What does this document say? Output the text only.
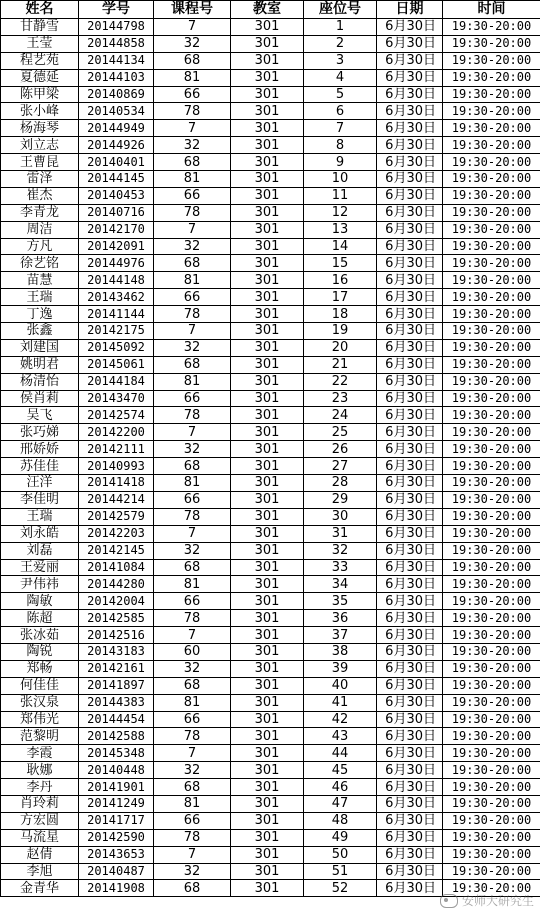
姓名	学号	课程号	教室	座位号	日期	时间
甘静雪	20144798	7	301	1	6月30日	19:30-20:00
王莹	20144858	32	301	2	6月30日	19:30-20:00
程艺苑	20144134	68	301	3	6月30日	19:30-20:00
夏德延	20144103	81	301	4	6月30日	19:30-20:00
陈甲梁	20140869	66	301	5	6月30日	19:30-20:00
张小峰	20140534	78	301	6	6月30日	19:30-20:00
杨海琴	20144949	7	301	7	6月30日	19:30-20:00
刘立志	20144926	32	301	8	6月30日	19:30-20:00
王曹昆	20140401	68	301	9	6月30日	19:30-20:00
雷泽	20144145	81	301	10	6月30日	19:30-20:00
崔杰	20140453	66	301	11	6月30日	19:30-20:00
李青龙	20140716	78	301	12	6月30日	19:30-20:00
周洁	20142170	7	301	13	6月30日	19:30-20:00
方凡	20142091	32	301	14	6月30日	19:30-20:00
徐艺铭	20144976	68	301	15	6月30日	19:30-20:00
苗慧	20144148	81	301	16	6月30日	19:30-20:00
王瑞	20143462	66	301	17	6月30日	19:30-20:00
丁逸	20141144	78	301	18	6月30日	19:30-20:00
张鑫	20142175	7	301	19	6月30日	19:30-20:00
刘建国	20145092	32	301	20	6月30日	19:30-20:00
姚明君	20145061	68	301	21	6月30日	19:30-20:00
杨清怡	20144184	81	301	22	6月30日	19:30-20:00
侯肖莉	20143470	66	301	23	6月30日	19:30-20:00
吴飞	20142574	78	301	24	6月30日	19:30-20:00
张巧娣	20142200	7	301	25	6月30日	19:30-20:00
邢娇娇	20142111	32	301	26	6月30日	19:30-20:00
苏佳佳	20140993	68	301	27	6月30日	19:30-20:00
汪洋	20141418	81	301	28	6月30日	19:30-20:00
李佳明	20144214	66	301	29	6月30日	19:30-20:00
王瑞	20142579	78	301	30	6月30日	19:30-20:00
刘永皓	20142203	7	301	31	6月30日	19:30-20:00
刘磊	20142145	32	301	32	6月30日	19:30-20:00
王爱丽	20141084	68	301	33	6月30日	19:30-20:00
尹伟祎	20144280	81	301	34	6月30日	19:30-20:00
陶敏	20142004	66	301	35	6月30日	19:30-20:00
陈超	20142585	78	301	36	6月30日	19:30-20:00
张冰茹	20142516	7	301	37	6月30日	19:30-20:00
陶锐	20143183	60	301	38	6月30日	19:30-20:00
郑畅	20142161	32	301	39	6月30日	19:30-20:00
何佳佳	20141897	68	301	40	6月30日	19:30-20:00
张汉泉	20144383	81	301	41	6月30日	19:30-20:00
郑伟光	20144454	66	301	42	6月30日	19:30-20:00
范黎明	20142588	78	301	43	6月30日	19:30-20:00
李霞	20145348	7	301	44	6月30日	19:30-20:00
耿娜	20140448	32	301	45	6月30日	19:30-20:00
李丹	20141901	68	301	46	6月30日	19:30-20:00
肖玲莉	20141249	81	301	47	6月30日	19:30-20:00
方宏圆	20141717	66	301	48	6月30日	19:30-20:00
马流星	20142590	78	301	49	6月30日	19:30-20:00
赵倩	20143653	7	301	50	6月30日	19:30-20:00
李旭	20140487	32	301	51	6月30日	19:30-20:00
金青华	20141908	68	301	52	6月30日	19:30-20:00
安师大研究生
